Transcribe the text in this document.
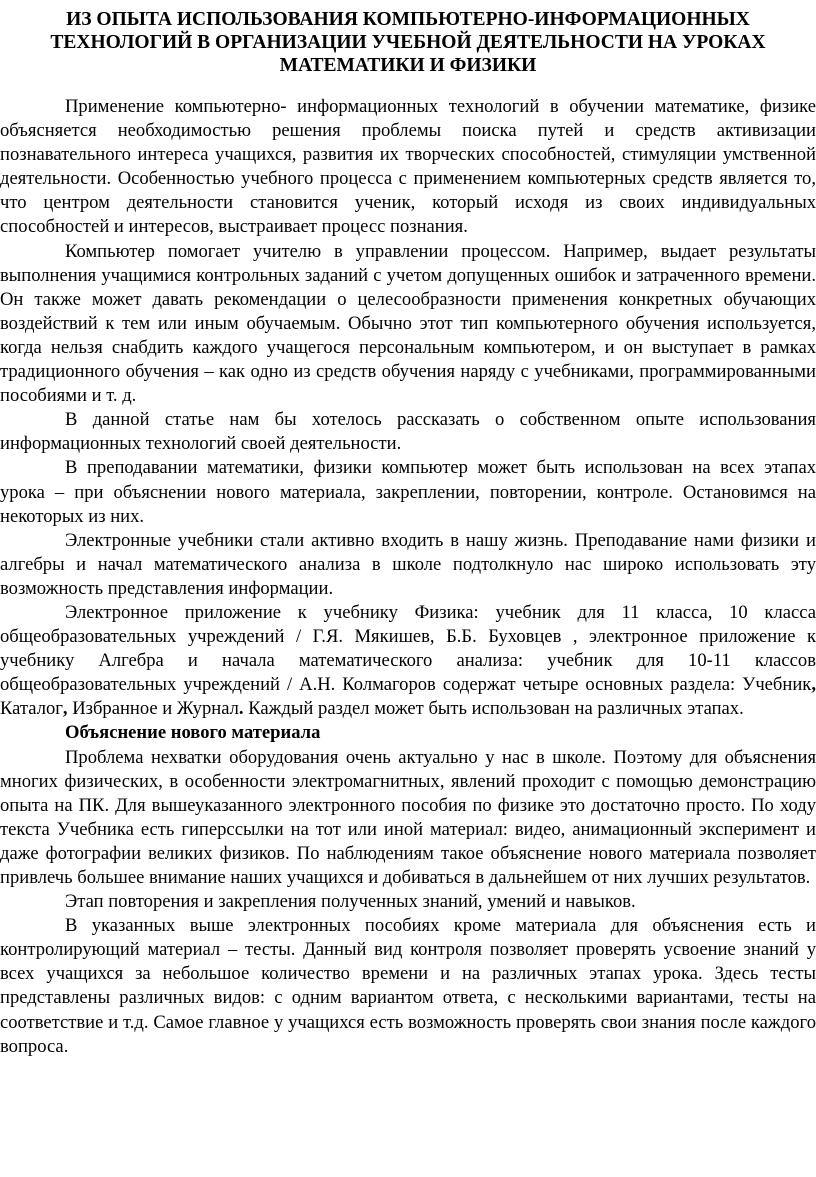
ИЗ ОПЫТА ИСПОЛЬЗОВАНИЯ КОМПЬЮТЕРНО-ИНФОРМАЦИОННЫХ
ТЕХНОЛОГИЙ В ОРГАНИЗАЦИИ УЧЕБНОЙ ДЕЯТЕЛЬНОСТИ НА УРОКАХ
МАТЕМАТИКИ И ФИЗИКИ

Применение компьютерно- информационных технологий в обучении математике, физике объясняется необходимостью решения проблемы поиска путей и средств активизации познавательного интереса учащихся, развития их творческих способностей, стимуляции умственной деятельности. Особенностью учебного процесса с применением компьютерных средств является то, что центром деятельности становится ученик, который исходя из своих индивидуальных способностей и интересов, выстраивает процесс познания.

Компьютер помогает учителю в управлении процессом. Например, выдает результаты выполнения учащимися контрольных заданий с учетом допущенных ошибок и затраченного времени. Он также может давать рекомендации о целесообразности применения конкретных обучающих воздействий к тем или иным обучаемым. Обычно этот тип компьютерного обучения используется, когда нельзя снабдить каждого учащегося персональным компьютером, и он выступает в рамках традиционного обучения – как одно из средств обучения наряду с учебниками, программированными пособиями и т. д.

В данной статье нам бы хотелось рассказать о собственном опыте использования информационных технологий своей деятельности.

В преподавании математики, физики компьютер может быть использован на всех этапах урока – при объяснении нового материала, закреплении, повторении, контроле. Остановимся на некоторых из них.

Электронные учебники стали активно входить в нашу жизнь. Преподавание нами физики и алгебры и начал математического анализа в школе подтолкнуло нас широко использовать эту возможность представления информации.

Электронное приложение к учебнику Физика: учебник для 11 класса, 10 класса общеобразовательных учреждений / Г.Я. Мякишев, Б.Б. Буховцев , электронное приложение к учебнику Алгебра и начала математического анализа: учебник для 10-11 классов общеобразовательных учреждений / А.Н. Колмагоров содержат четыре основных раздела: Учебник, Каталог, Избранное и Журнал. Каждый раздел может быть использован на различных этапах.

Объяснение нового материала

Проблема нехватки оборудования очень актуально у нас в школе. Поэтому для объяснения многих физических, в особенности электромагнитных, явлений проходит с помощью демонстрацию опыта на ПК. Для вышеуказанного электронного пособия по физике это достаточно просто. По ходу текста Учебника есть гиперссылки на тот или иной материал: видео, анимационный эксперимент и даже фотографии великих физиков. По наблюдениям такое объяснение нового материала позволяет привлечь большее внимание наших учащихся и добиваться в дальнейшем от них лучших результатов.

Этап повторения и закрепления полученных знаний, умений и навыков.

В указанных выше электронных пособиях кроме материала для объяснения есть и контролирующий материал – тесты. Данный вид контроля позволяет проверять усвоение знаний у всех учащихся за небольшое количество времени и на различных этапах урока. Здесь тесты представлены различных видов: с одним вариантом ответа, с несколькими вариантами, тесты на соответствие и т.д. Самое главное у учащихся есть возможность проверять свои знания после каждого вопроса.
